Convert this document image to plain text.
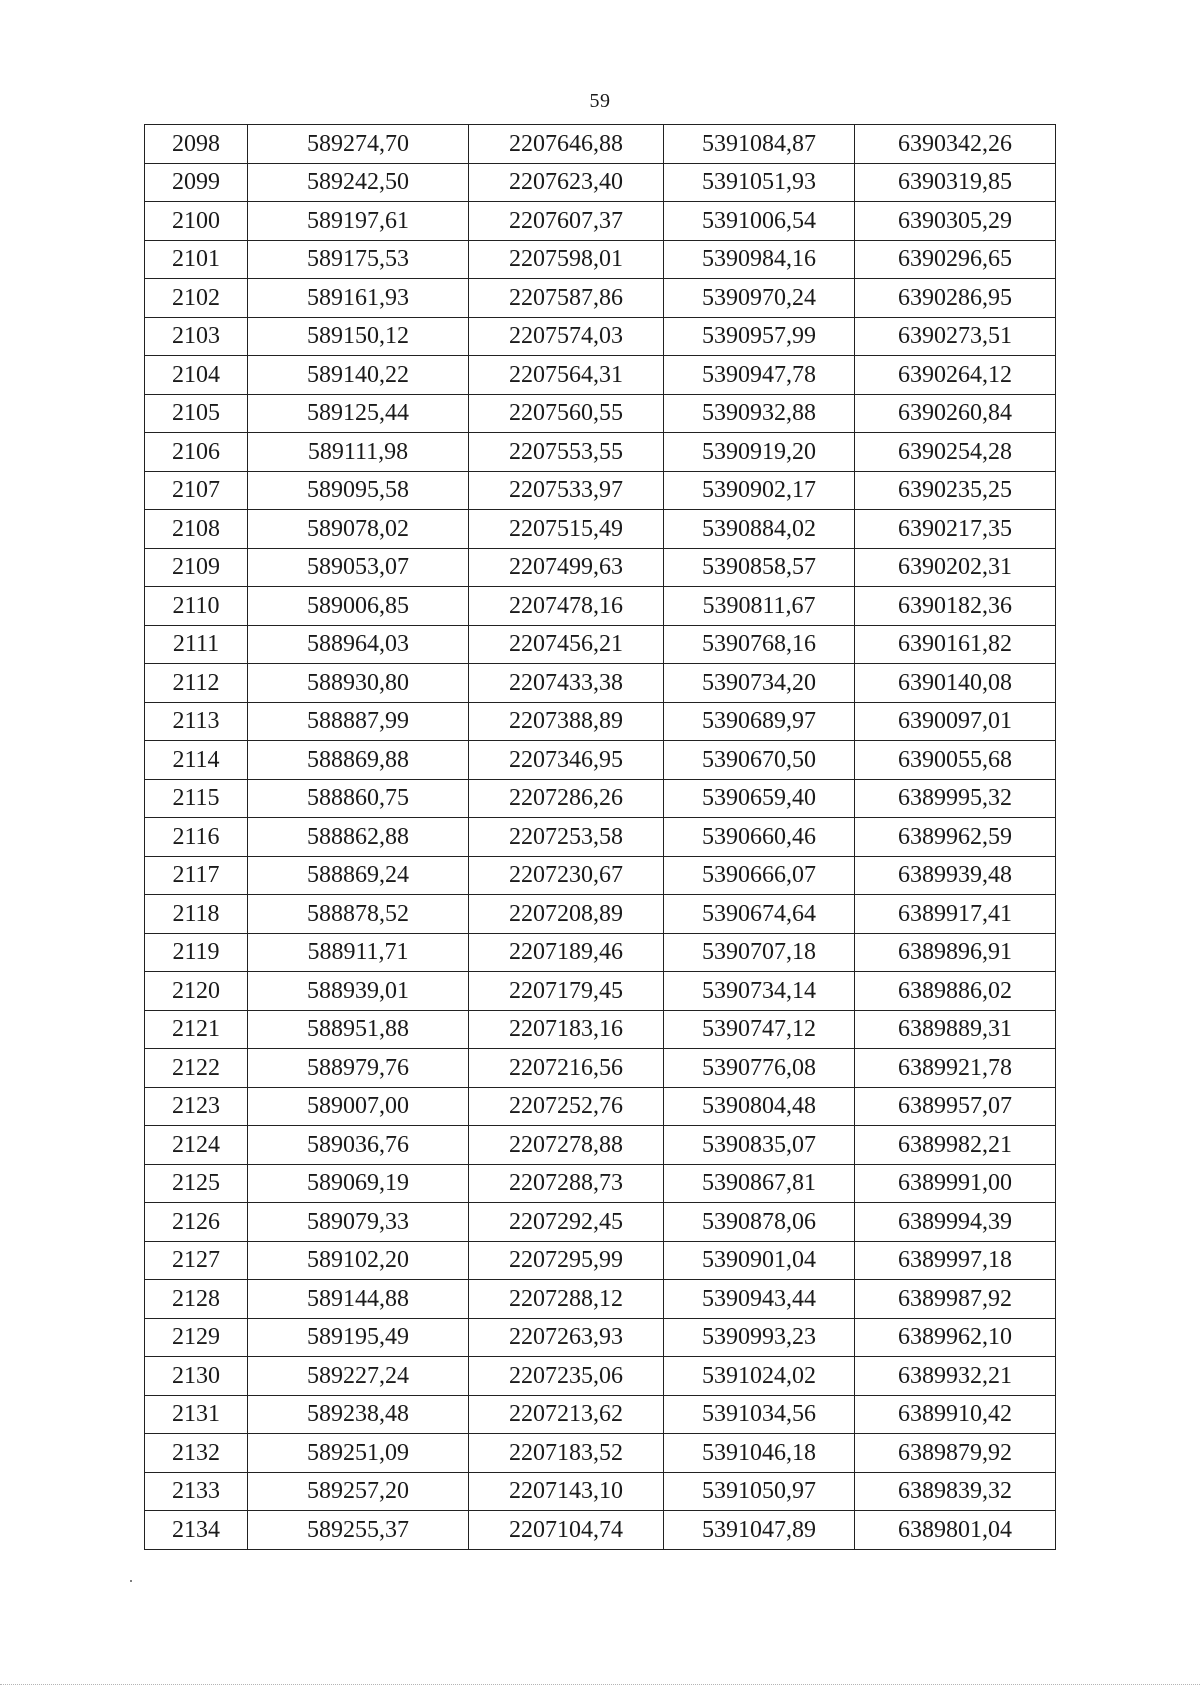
59
2098	589274,70	2207646,88	5391084,87	6390342,26
2099	589242,50	2207623,40	5391051,93	6390319,85
2100	589197,61	2207607,37	5391006,54	6390305,29
2101	589175,53	2207598,01	5390984,16	6390296,65
2102	589161,93	2207587,86	5390970,24	6390286,95
2103	589150,12	2207574,03	5390957,99	6390273,51
2104	589140,22	2207564,31	5390947,78	6390264,12
2105	589125,44	2207560,55	5390932,88	6390260,84
2106	589111,98	2207553,55	5390919,20	6390254,28
2107	589095,58	2207533,97	5390902,17	6390235,25
2108	589078,02	2207515,49	5390884,02	6390217,35
2109	589053,07	2207499,63	5390858,57	6390202,31
2110	589006,85	2207478,16	5390811,67	6390182,36
2111	588964,03	2207456,21	5390768,16	6390161,82
2112	588930,80	2207433,38	5390734,20	6390140,08
2113	588887,99	2207388,89	5390689,97	6390097,01
2114	588869,88	2207346,95	5390670,50	6390055,68
2115	588860,75	2207286,26	5390659,40	6389995,32
2116	588862,88	2207253,58	5390660,46	6389962,59
2117	588869,24	2207230,67	5390666,07	6389939,48
2118	588878,52	2207208,89	5390674,64	6389917,41
2119	588911,71	2207189,46	5390707,18	6389896,91
2120	588939,01	2207179,45	5390734,14	6389886,02
2121	588951,88	2207183,16	5390747,12	6389889,31
2122	588979,76	2207216,56	5390776,08	6389921,78
2123	589007,00	2207252,76	5390804,48	6389957,07
2124	589036,76	2207278,88	5390835,07	6389982,21
2125	589069,19	2207288,73	5390867,81	6389991,00
2126	589079,33	2207292,45	5390878,06	6389994,39
2127	589102,20	2207295,99	5390901,04	6389997,18
2128	589144,88	2207288,12	5390943,44	6389987,92
2129	589195,49	2207263,93	5390993,23	6389962,10
2130	589227,24	2207235,06	5391024,02	6389932,21
2131	589238,48	2207213,62	5391034,56	6389910,42
2132	589251,09	2207183,52	5391046,18	6389879,92
2133	589257,20	2207143,10	5391050,97	6389839,32
2134	589255,37	2207104,74	5391047,89	6389801,04
